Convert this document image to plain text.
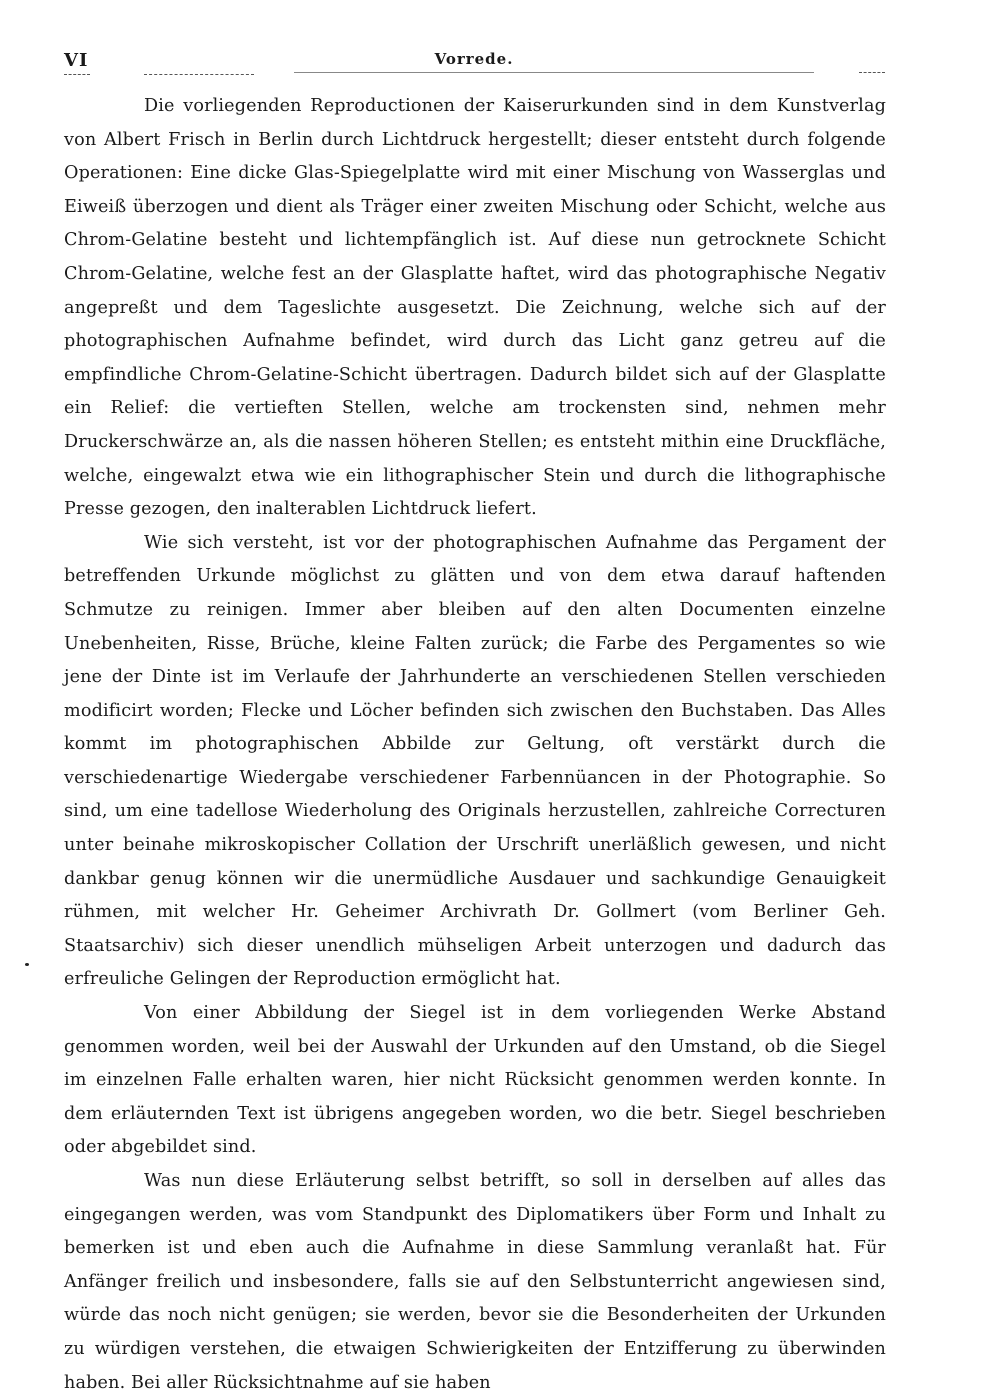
VI	Vorrede.

Die vorliegenden Reproductionen der Kaiserurkunden sind in dem Kunstverlag von Albert Frisch in Berlin durch Lichtdruck hergestellt; dieser entsteht durch folgende Operationen: Eine dicke Glas-Spiegelplatte wird mit einer Mischung von Wasserglas und Eiweiß überzogen und dient als Träger einer zweiten Mischung oder Schicht, welche aus Chrom-Gelatine besteht und lichtempfänglich ist. Auf diese nun getrocknete Schicht Chrom-Gelatine, welche fest an der Glasplatte haftet, wird das photographische Negativ angepreßt und dem Tageslichte ausgesetzt. Die Zeichnung, welche sich auf der photographischen Aufnahme befindet, wird durch das Licht ganz getreu auf die empfindliche Chrom-Gelatine-Schicht übertragen. Dadurch bildet sich auf der Glasplatte ein Relief: die vertieften Stellen, welche am trockensten sind, nehmen mehr Druckerschwärze an, als die nassen höheren Stellen; es entsteht mithin eine Druckfläche, welche, eingewalzt etwa wie ein lithographischer Stein und durch die lithographische Presse gezogen, den inalterablen Lichtdruck liefert.

Wie sich versteht, ist vor der photographischen Aufnahme das Pergament der betreffenden Urkunde möglichst zu glätten und von dem etwa darauf haftenden Schmutze zu reinigen. Immer aber bleiben auf den alten Documenten einzelne Unebenheiten, Risse, Brüche, kleine Falten zurück; die Farbe des Pergamentes so wie jene der Dinte ist im Verlaufe der Jahrhunderte an verschiedenen Stellen verschieden modificirt worden; Flecke und Löcher befinden sich zwischen den Buchstaben. Das Alles kommt im photographischen Abbilde zur Geltung, oft verstärkt durch die verschiedenartige Wiedergabe verschiedener Farbennüancen in der Photographie. So sind, um eine tadellose Wiederholung des Originals herzustellen, zahlreiche Correcturen unter beinahe mikroskopischer Collation der Urschrift unerläßlich gewesen, und nicht dankbar genug können wir die unermüdliche Ausdauer und sachkundige Genauigkeit rühmen, mit welcher Hr. Geheimer Archivrath Dr. Gollmert (vom Berliner Geh. Staatsarchiv) sich dieser unendlich mühseligen Arbeit unterzogen und dadurch das erfreuliche Gelingen der Reproduction ermöglicht hat.

Von einer Abbildung der Siegel ist in dem vorliegenden Werke Abstand genommen worden, weil bei der Auswahl der Urkunden auf den Umstand, ob die Siegel im einzelnen Falle erhalten waren, hier nicht Rücksicht genommen werden konnte. In dem erläuternden Text ist übrigens angegeben worden, wo die betr. Siegel beschrieben oder abgebildet sind.

Was nun diese Erläuterung selbst betrifft, so soll in derselben auf alles das eingegangen werden, was vom Standpunkt des Diplomatikers über Form und Inhalt zu bemerken ist und eben auch die Aufnahme in diese Sammlung veranlaßt hat. Für Anfänger freilich und insbesondere, falls sie auf den Selbstunterricht angewiesen sind, würde das noch nicht genügen; sie werden, bevor sie die Besonderheiten der Urkunden zu würdigen verstehen, die etwaigen Schwierigkeiten der Entzifferung zu überwinden haben. Bei aller Rücksichtnahme auf sie haben
